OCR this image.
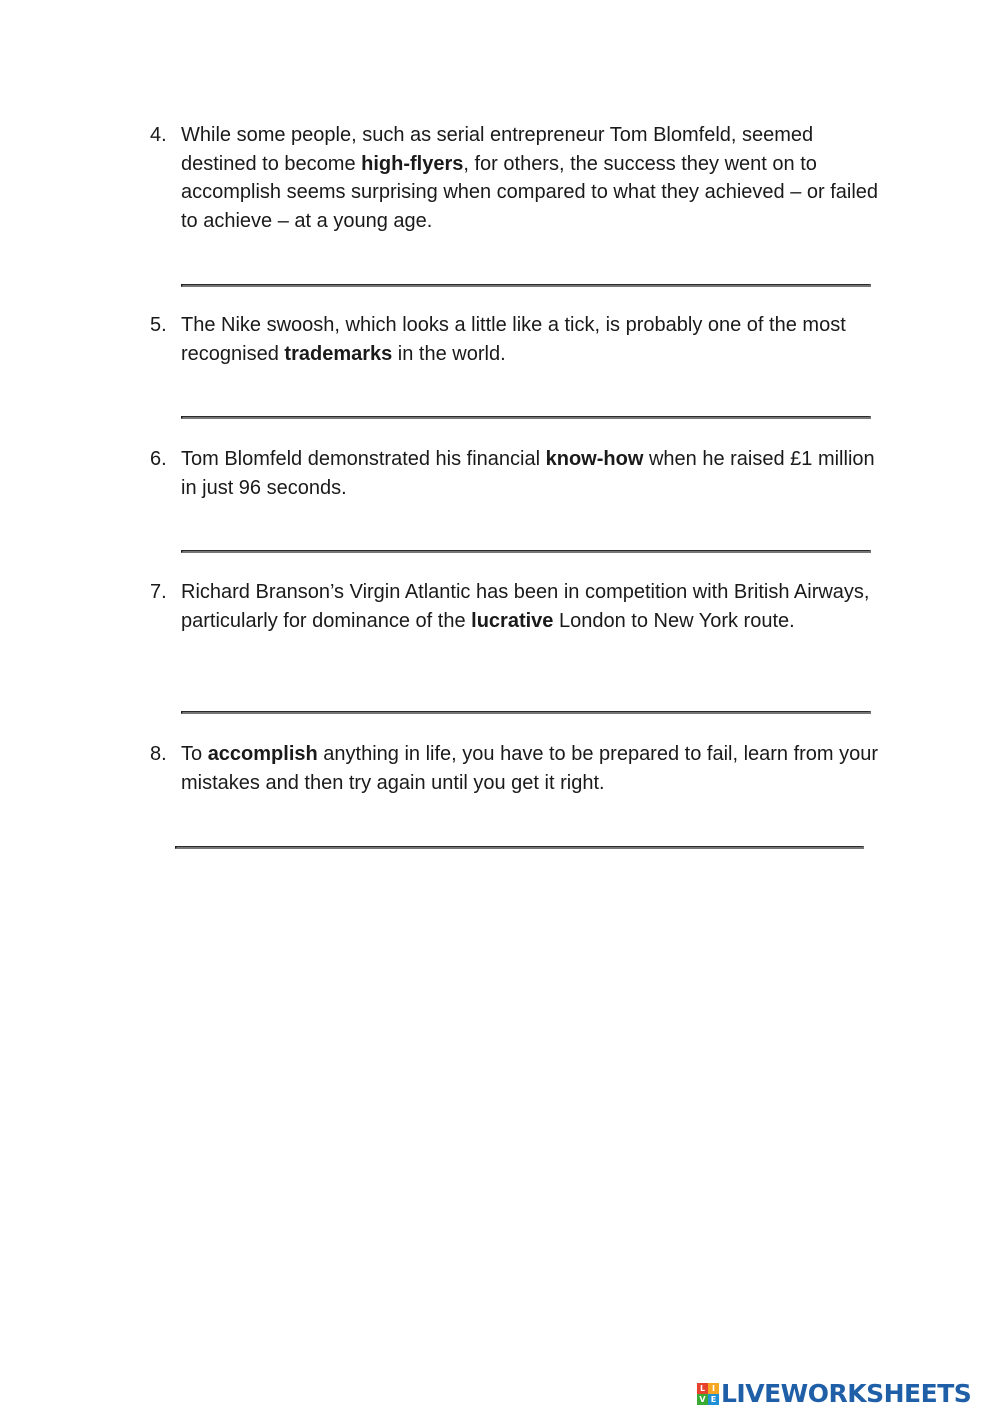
4. While some people, such as serial entrepreneur Tom Blomfeld, seemed destined to become high-flyers, for others, the success they went on to accomplish seems surprising when compared to what they achieved – or failed to achieve – at a young age.
5. The Nike swoosh, which looks a little like a tick, is probably one of the most recognised trademarks in the world.
6. Tom Blomfeld demonstrated his financial know-how when he raised £1 million in just 96 seconds.
7. Richard Branson’s Virgin Atlantic has been in competition with British Airways, particularly for dominance of the lucrative London to New York route.
8. To accomplish anything in life, you have to be prepared to fail, learn from your mistakes and then try again until you get it right.
L I
V E LIVEWORKSHEETS
